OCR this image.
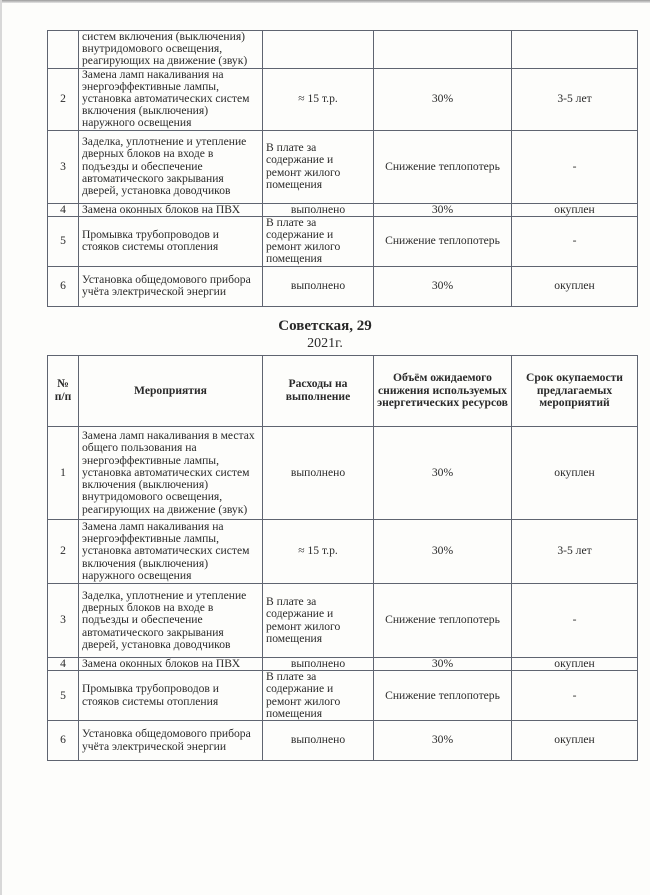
	систем включения (выключения) внутридомового освещения, реагирующих на движение (звук)			
2	Замена ламп накаливания на энергоэффективные лампы, установка автоматических систем включения (выключения) наружного освещения	≈ 15 т.р.	30%	3-5 лет
3	Заделка, уплотнение и утепление дверных блоков на входе в подъезды и обеспечение автоматического закрывания дверей, установка доводчиков	В плате за содержание и ремонт жилого помещения	Снижение теплопотерь	-
4	Замена оконных блоков на ПВХ	выполнено	30%	окуплен
5	Промывка трубопроводов и стояков системы отопления	В плате за содержание и ремонт жилого помещения	Снижение теплопотерь	-
6	Установка общедомового прибора учёта электрической энергии	выполнено	30%	окуплен
Советская, 29
2021г.
№ п/п	Мероприятия	Расходы на выполнение	Объём ожидаемого снижения используемых энергетических ресурсов	Срок окупаемости предлагаемых мероприятий
1	Замена ламп накаливания в местах общего пользования на энергоэффективные лампы, установка автоматических систем включения (выключения) внутридомового освещения, реагирующих на движение (звук)	выполнено	30%	окуплен
2	Замена ламп накаливания на энергоэффективные лампы, установка автоматических систем включения (выключения) наружного освещения	≈ 15 т.р.	30%	3-5 лет
3	Заделка, уплотнение и утепление дверных блоков на входе в подъезды и обеспечение автоматического закрывания дверей, установка доводчиков	В плате за содержание и ремонт жилого помещения	Снижение теплопотерь	-
4	Замена оконных блоков на ПВХ	выполнено	30%	окуплен
5	Промывка трубопроводов и стояков системы отопления	В плате за содержание и ремонт жилого помещения	Снижение теплопотерь	-
6	Установка общедомового прибора учёта электрической энергии	выполнено	30%	окуплен
